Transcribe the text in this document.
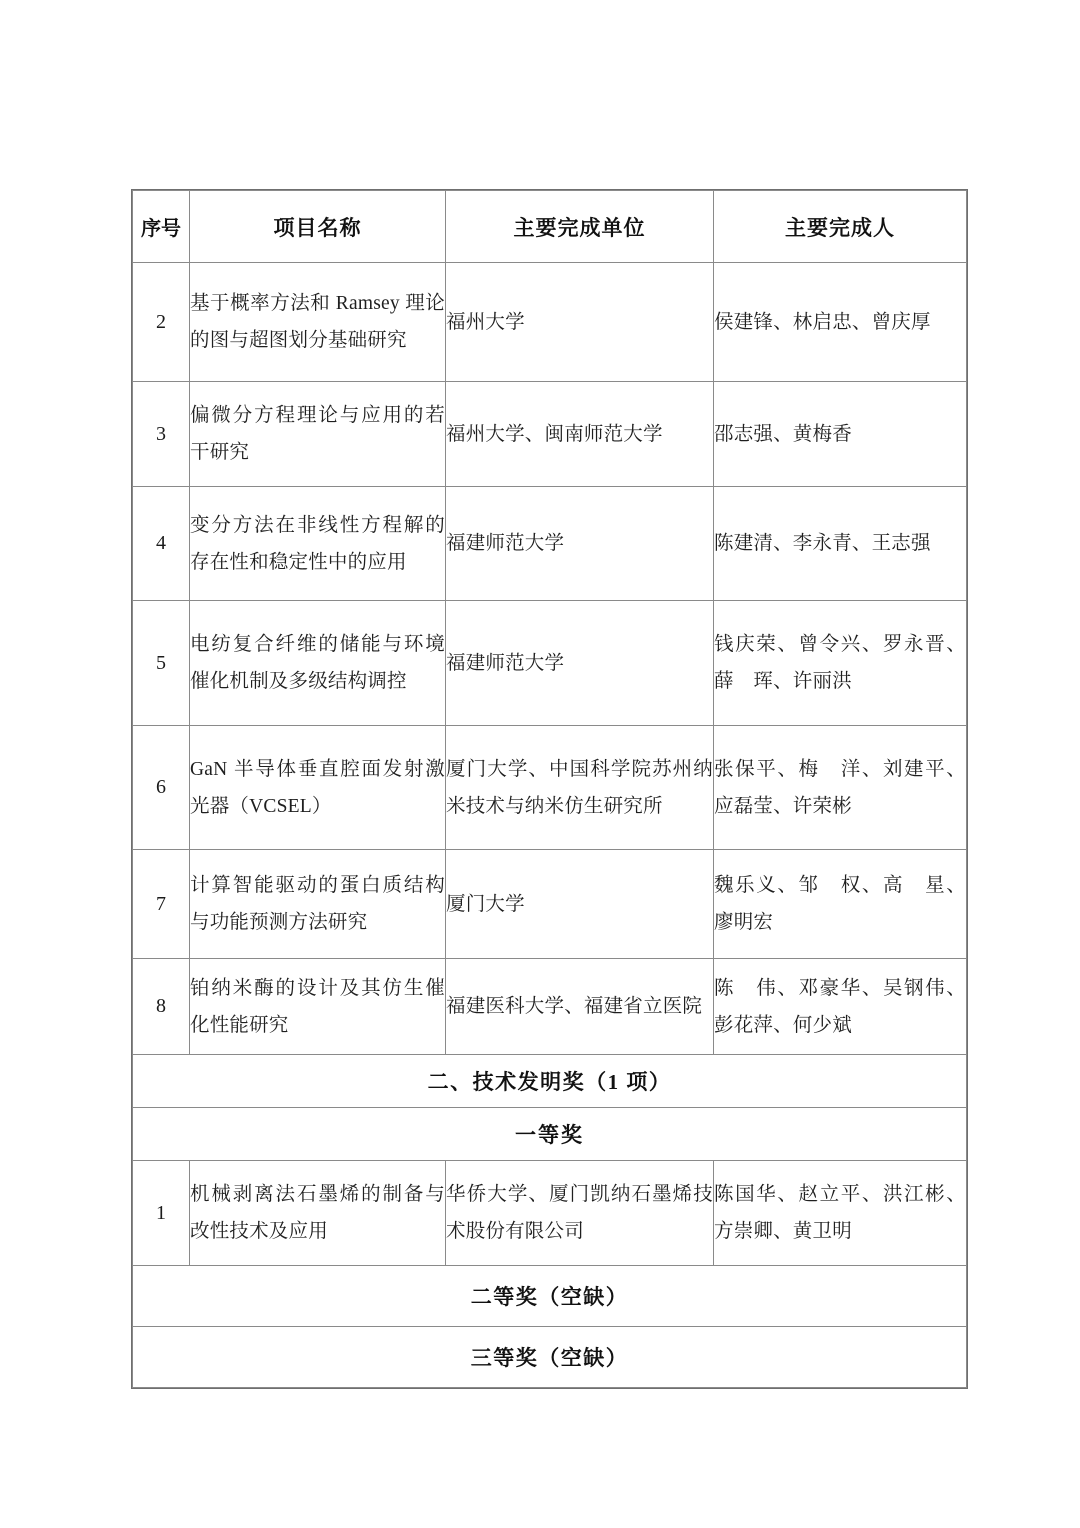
序号	项目名称	主要完成单位	主要完成人
2	基于概率方法和 Ramsey 理论的图与超图划分基础研究	福州大学	侯建锋、林启忠、曾庆厚
3	偏微分方程理论与应用的若干研究	福州大学、闽南师范大学	邵志强、黄梅香
4	变分方法在非线性方程解的存在性和稳定性中的应用	福建师范大学	陈建清、李永青、王志强
5	电纺复合纤维的储能与环境催化机制及多级结构调控	福建师范大学	钱庆荣、曾令兴、罗永晋、薛　珲、许丽洪
6	GaN 半导体垂直腔面发射激光器（VCSEL）	厦门大学、中国科学院苏州纳米技术与纳米仿生研究所	张保平、梅　洋、刘建平、应磊莹、许荣彬
7	计算智能驱动的蛋白质结构与功能预测方法研究	厦门大学	魏乐义、邹　权、高　星、廖明宏
8	铂纳米酶的设计及其仿生催化性能研究	福建医科大学、福建省立医院	陈　伟、邓豪华、吴钢伟、彭花萍、何少斌
二、技术发明奖（1 项）			
一等奖			
1	机械剥离法石墨烯的制备与改性技术及应用	华侨大学、厦门凯纳石墨烯技术股份有限公司	陈国华、赵立平、洪江彬、方崇卿、黄卫明
二等奖（空缺）			
三等奖（空缺）			
